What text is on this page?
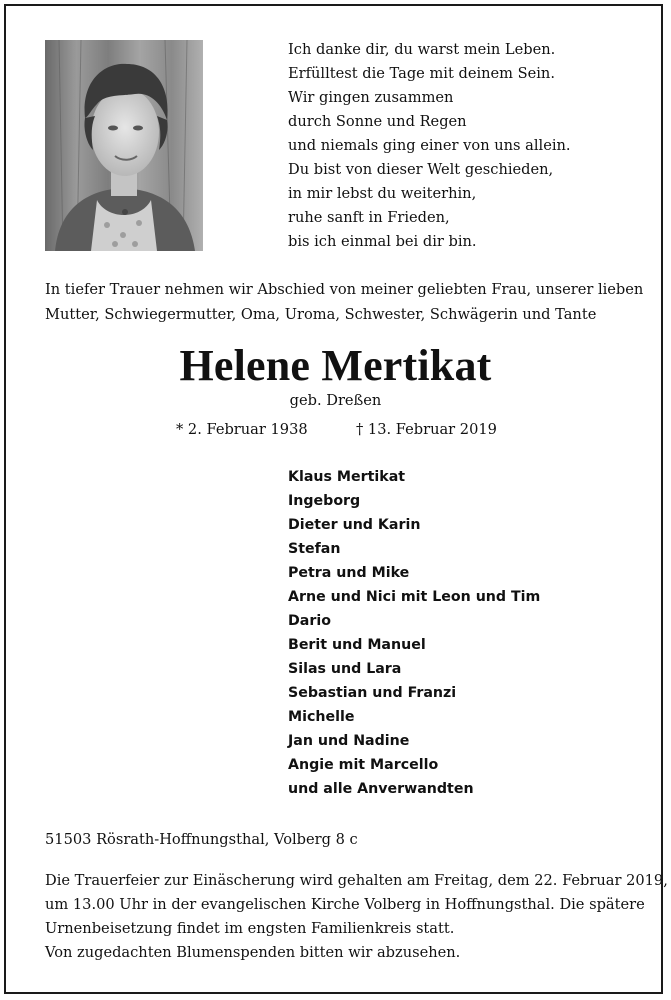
Ich danke dir, du warst mein Leben.
Erfülltest die Tage mit deinem Sein.
Wir gingen zusammen
durch Sonne und Regen
und niemals ging einer von uns allein.
Du bist von dieser Welt geschieden,
in mir lebst du weiterhin,
ruhe sanft in Frieden,
bis ich einmal bei dir bin.
In tiefer Trauer nehmen wir Abschied von meiner geliebten Frau, unserer lieben
Mutter, Schwiegermutter, Oma, Uroma, Schwester, Schwägerin und Tante
Helene Mertikat
geb. Dreßen
* 2. Februar 1938	† 13. Februar 2019
Klaus Mertikat
Ingeborg
Dieter und Karin
Stefan
Petra und Mike
Arne und Nici mit Leon und Tim
Dario
Berit und Manuel
Silas und Lara
Sebastian und Franzi
Michelle
Jan und Nadine
Angie mit Marcello
und alle Anverwandten
51503 Rösrath-Hoffnungsthal, Volberg 8 c
Die Trauerfeier zur Einäscherung wird gehalten am Freitag, dem 22. Februar 2019,
um 13.00 Uhr in der evangelischen Kirche Volberg in Hoffnungsthal. Die spätere
Urnenbeisetzung findet im engsten Familienkreis statt.
Von zugedachten Blumenspenden bitten wir abzusehen.
